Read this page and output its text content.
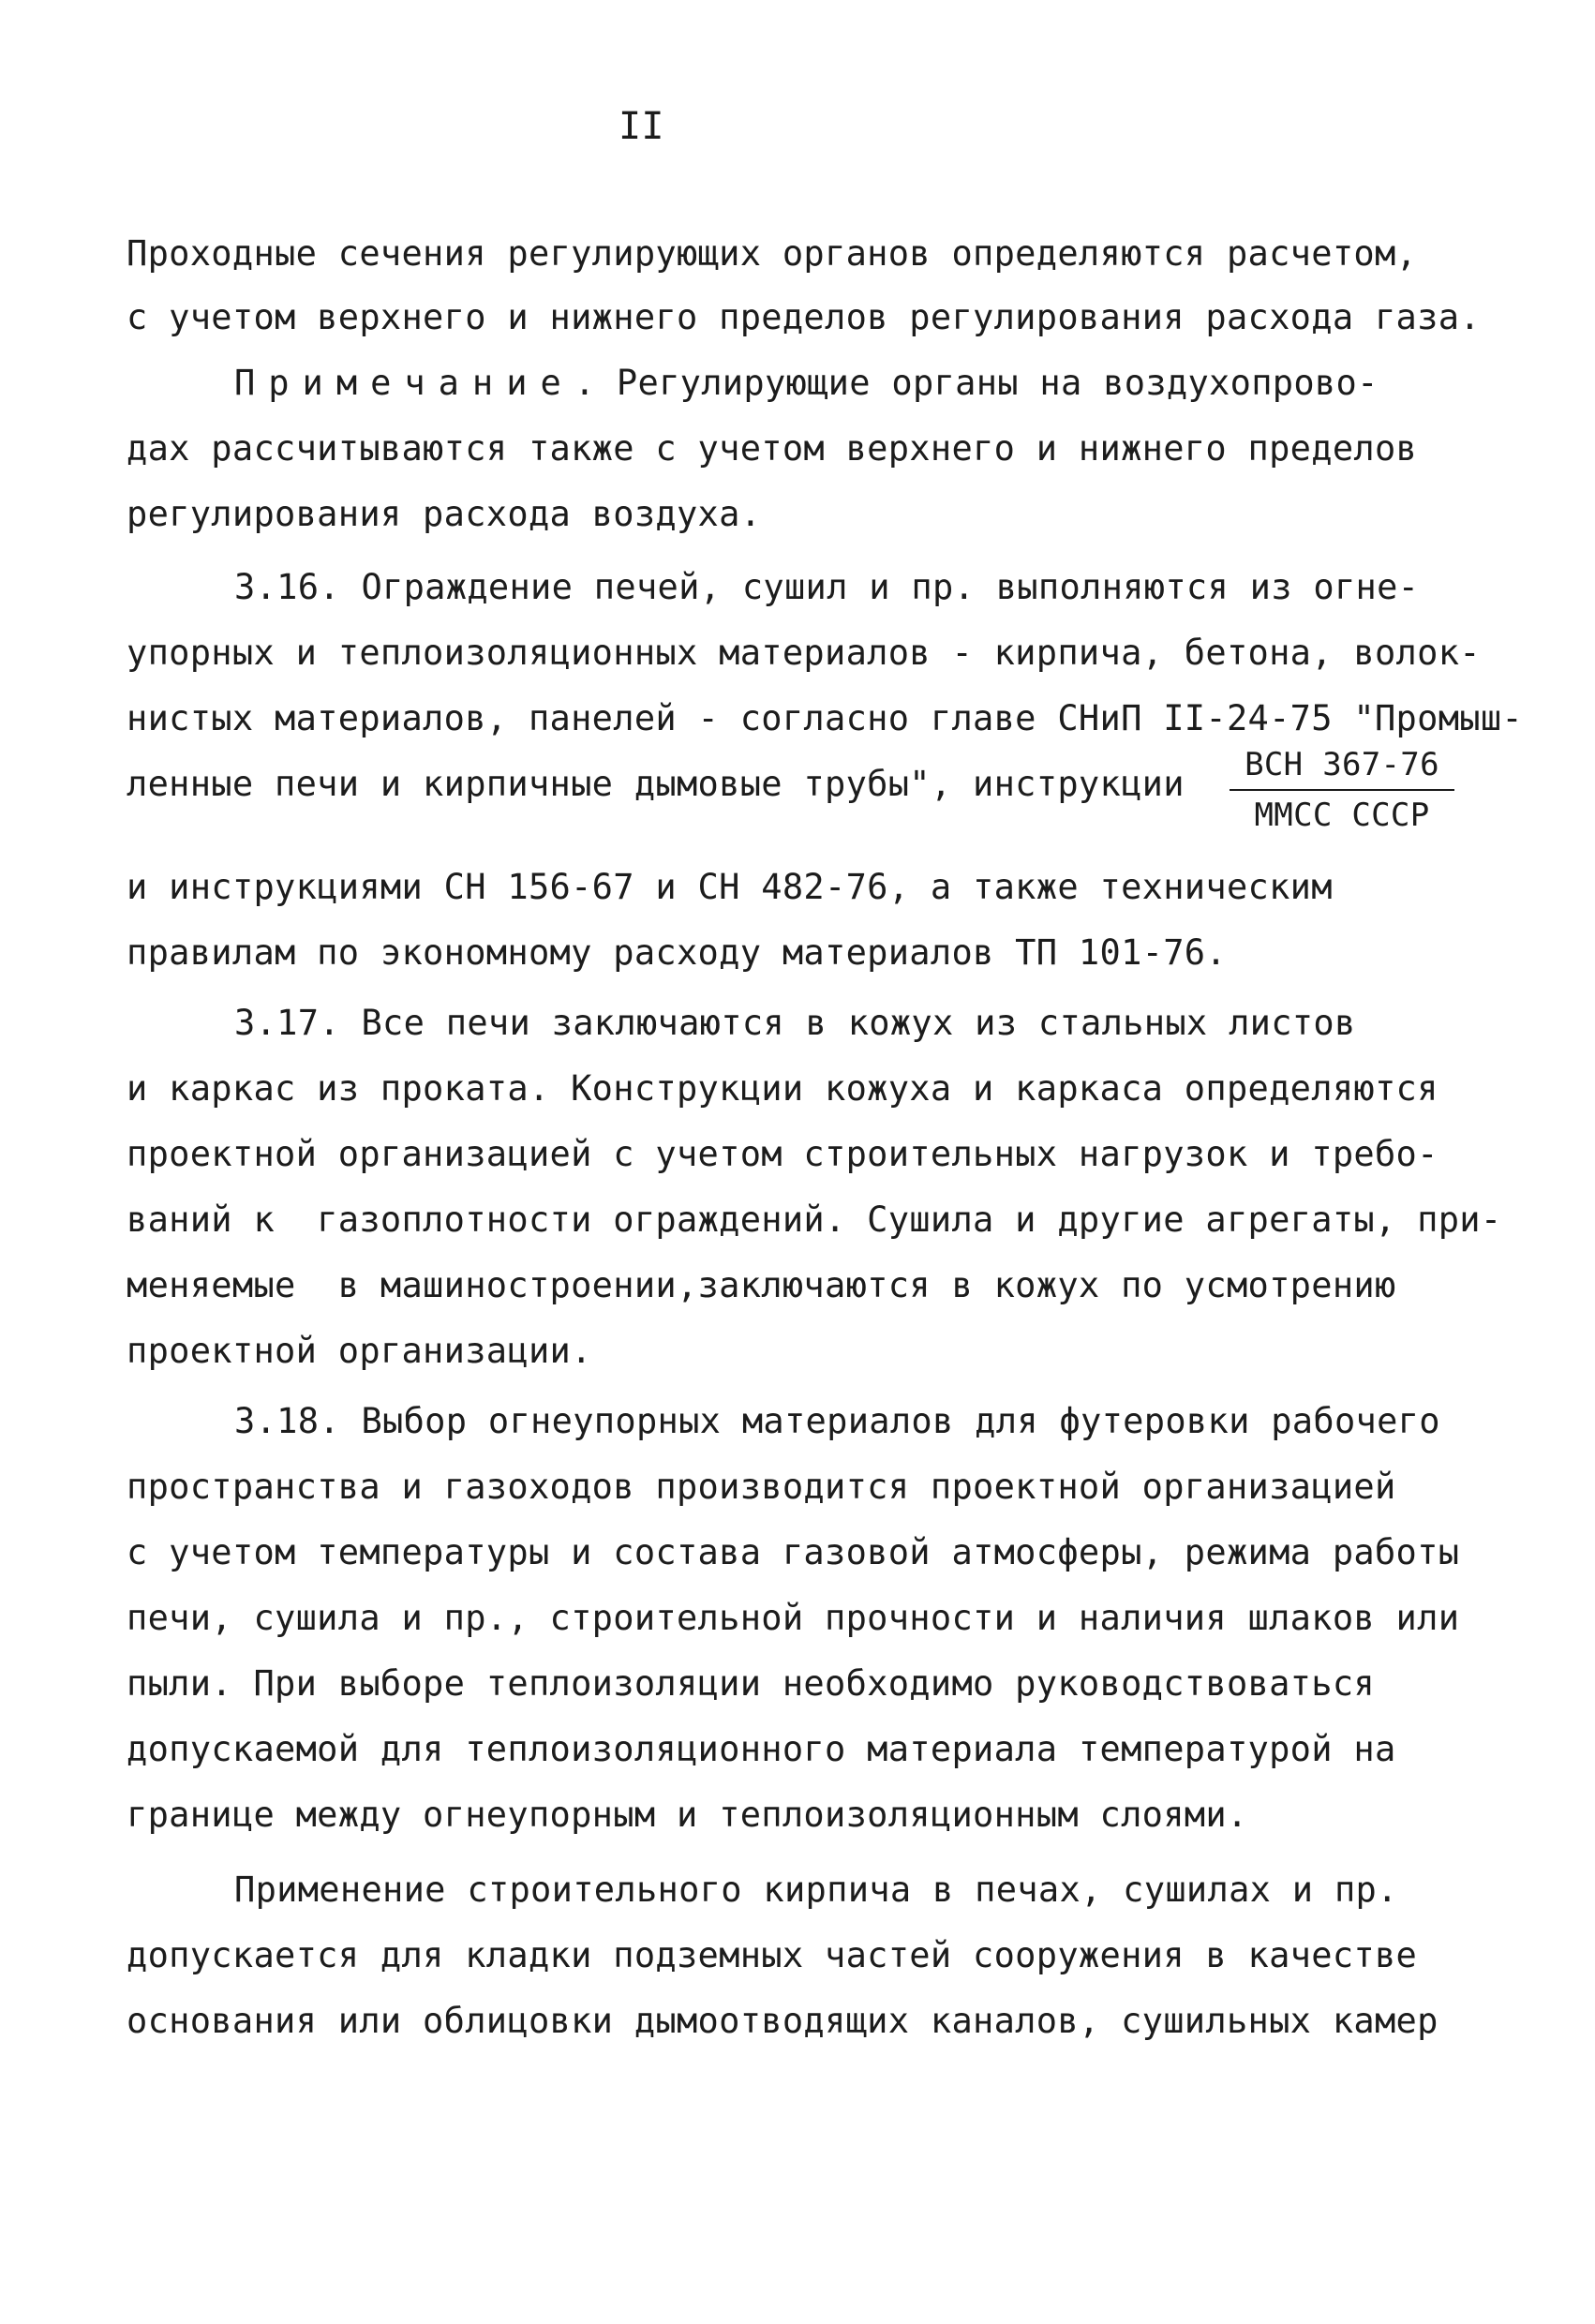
II
Проходные сечения регулирующих органов определяются расчетом,
с учетом верхнего и нижнего пределов регулирования расхода газа.
Примечание. Регулирующие органы на воздухопрово-
дах рассчитываются также с учетом верхнего и нижнего пределов
регулирования расхода воздуха.
3.16. Ограждение печей, сушил и пр. выполняются из огне-
упорных и теплоизоляционных материалов - кирпича, бетона, волок-
нистых материалов, панелей - согласно главе СНиП II-24-75 "Промыш-
ленные печи и кирпичные дымовые трубы", инструкции	ВСН 367-76
ММСС СССР
и инструкциями СН 156-67 и СН 482-76, а также техническим
правилам по экономному расходу материалов ТП 101-76.
3.17. Все печи заключаются в кожух из стальных листов
и каркас из проката. Конструкции кожуха и каркаса определяются
проектной организацией с учетом строительных нагрузок и требо-
ваний к  газоплотности ограждений. Сушила и другие агрегаты, при-
меняемые  в машиностроении,заключаются в кожух по усмотрению
проектной организации.
3.18. Выбор огнеупорных материалов для футеровки рабочего
пространства и газоходов производится проектной организацией
с учетом температуры и состава газовой атмосферы, режима работы
печи, сушила и пр., строительной прочности и наличия шлаков или
пыли. При выборе теплоизоляции необходимо руководствоваться
допускаемой для теплоизоляционного материала температурой на
границе между огнеупорным и теплоизоляционным слоями.
Применение строительного кирпича в печах, сушилах и пр.
допускается для кладки подземных частей сооружения в качестве
основания или облицовки дымоотводящих каналов, сушильных камер
